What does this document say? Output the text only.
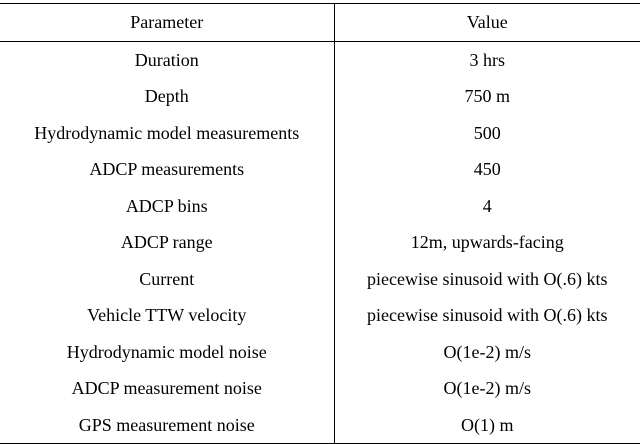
Parameter	Value
Duration	3 hrs
Depth	750 m
Hydrodynamic model measurements	500
ADCP measurements	450
ADCP bins	4
ADCP range	12m, upwards-facing
Current	piecewise sinusoid with O(.6) kts
Vehicle TTW velocity	piecewise sinusoid with O(.6) kts
Hydrodynamic model noise	O(1e-2) m/s
ADCP measurement noise	O(1e-2) m/s
GPS measurement noise	O(1) m
